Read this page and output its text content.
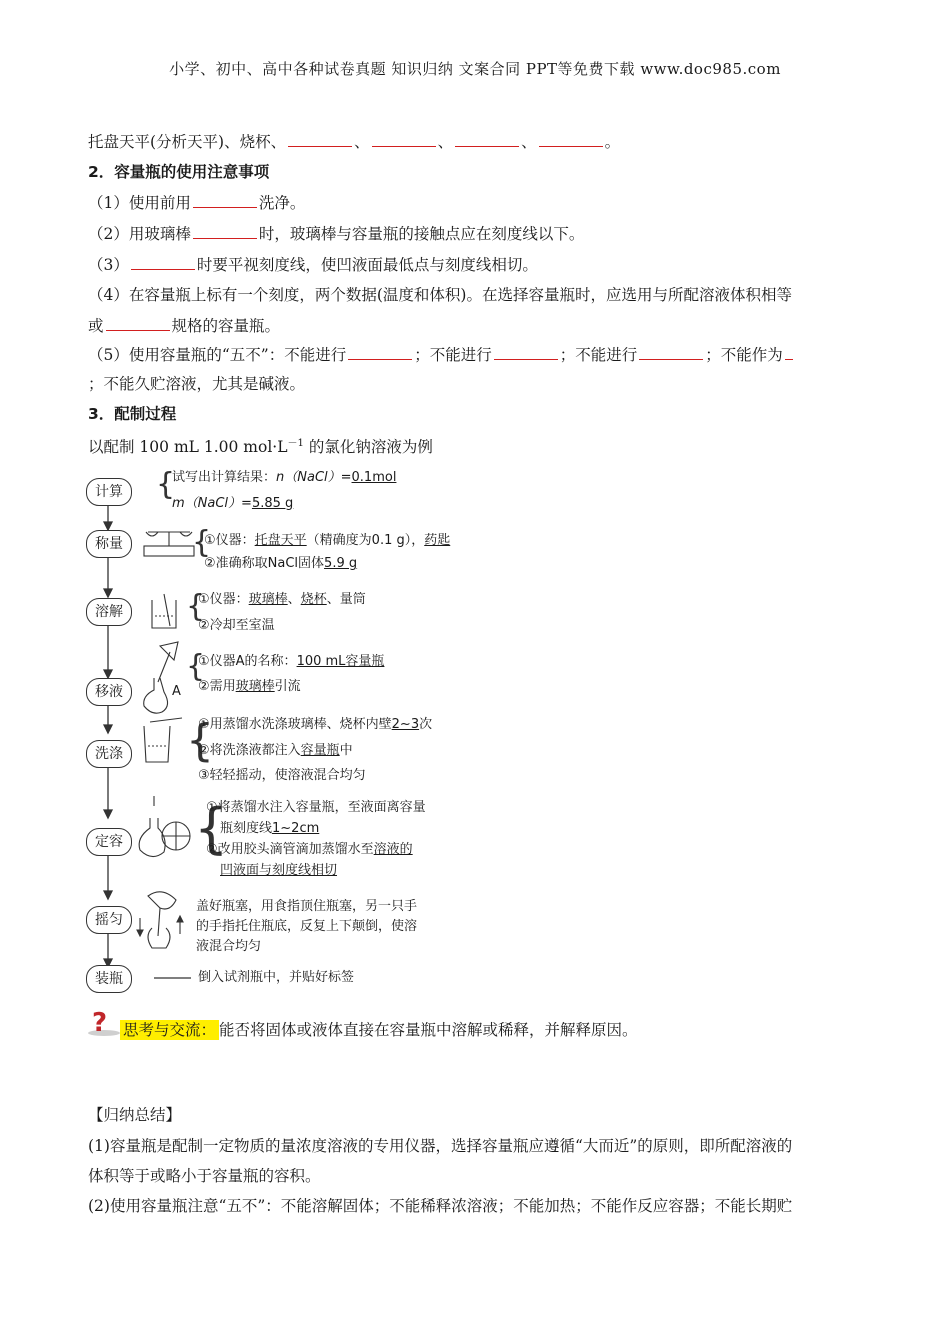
小学、初中、高中各种试卷真题 知识归纳 文案合同 PPT等免费下载 www.doc985.com
托盘天平(分析天平)、烧杯、	、	、	、	。
2．容量瓶的使用注意事项
（1）使用前用	洗净。
（2）用玻璃棒	时，玻璃棒与容量瓶的接触点应在刻度线以下。
（3）	时要平视刻度线，使凹液面最低点与刻度线相切。
（4）在容量瓶上标有一个刻度，两个数据(温度和体积)。在选择容量瓶时，应选用与所配溶液体积相等
或	规格的容量瓶。
（5）使用容量瓶的“五不”：不能进行	；不能进行	；不能进行	；不能作为
；不能久贮溶液，尤其是碱液。
3．配制过程
以配制 100 mL 1.00 $mol\cdot L^{-1}$ 的氯化钠溶液为例
计算	{
试写出计算结果：n（NaCl）=0.1mol
m（NaCl）=5.85 g
称量	{
①仪器：托盘天平（精确度为0.1 g），药匙
②准确称取NaCl固体5.9 g
溶解	{
①仪器：玻璃棒、烧杯、量筒
②冷却至室温
移液	A
{
①仪器A的名称：100 mL容量瓶
②需用玻璃棒引流
洗涤 {
①用蒸馏水洗涤玻璃棒、烧杯内壁2~3次
②将洗涤液都注入容量瓶中
③轻轻摇动，使溶液混合均匀
定容 {
①将蒸馏水注入容量瓶，至液面离容量
瓶刻度线1~2cm
②改用胶头滴管滴加蒸馏水至溶液的
凹液面与刻度线相切
摇匀
盖好瓶塞，用食指顶住瓶塞，另一只手
的手指托住瓶底，反复上下颠倒，使溶
液混合均匀
装瓶	倒入试剂瓶中，并贴好标签
? 思考与交流： 能否将固体或液体直接在容量瓶中溶解或稀释，并解释原因。
【归纳总结】
(1)容量瓶是配制一定物质的量浓度溶液的专用仪器，选择容量瓶应遵循“大而近”的原则，即所配溶液的
体积等于或略小于容量瓶的容积。
(2)使用容量瓶注意“五不”：不能溶解固体；不能稀释浓溶液；不能加热；不能作反应容器；不能长期贮
